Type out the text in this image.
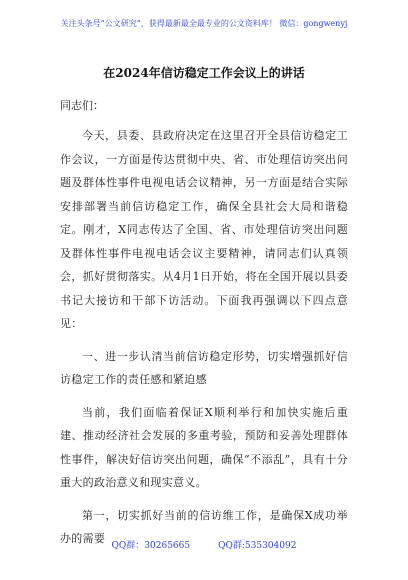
关注头条号“公文研究”，获得最新最全最专业的公文资料库！ 微信：gongwenyj
在2024年信访稳定工作会议上的讲话
同志们：

今天，县委、县政府决定在这里召开全县信访稳定工作会议，一方面是传达贯彻中央、省、市处理信访突出问题及群体性事件电视电话会议精神，另一方面是结合实际安排部署当前信访稳定工作，确保全县社会大局和谐稳定。刚才，X同志传达了全国、省、市处理信访突出问题及群体性事件电视电话会议主要精神，请同志们认真领会，抓好贯彻落实。从4月1日开始，将在全国开展以县委书记大接访和干部下访活动。下面我再强调以下四点意见：

一、进一步认清当前信访稳定形势，切实增强抓好信访稳定工作的责任感和紧迫感

当前，我们面临着保证X顺利举行和加快实施后重建、推动经济社会发展的多重考验，预防和妥善处理群体性事件，解决好信访突出问题，确保“不添乱”，具有十分重大的政治意义和现实意义。

第一，切实抓好当前的信访维工作，是确保X成功举办的需要

QQ群：30265665	QQ群:535304092
